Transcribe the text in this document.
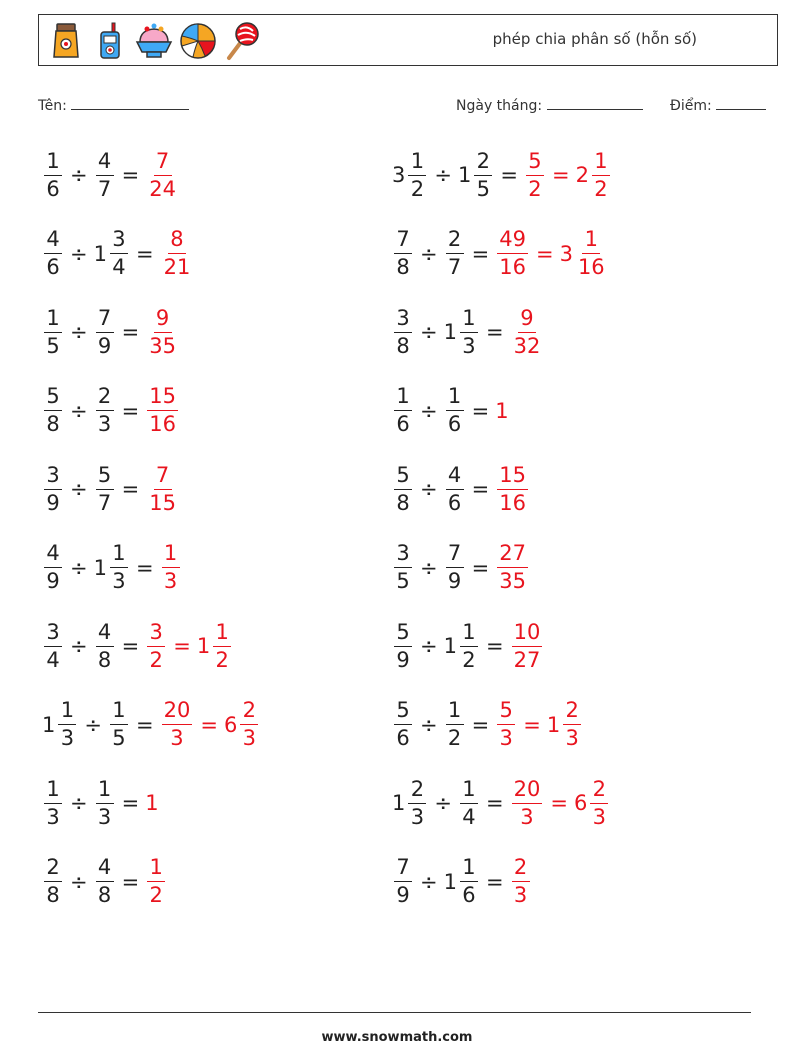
phép chia phân số (hỗn số)
Tên:	Ngày tháng:	Điểm:
$\frac{1}{6} \div \frac{4}{7} = \frac{7}{24}$	$3 \frac{1}{2} \div 1 \frac{2}{5} = \frac{5}{2} = 2 \frac{1}{2}$
$\frac{4}{6} \div 1 \frac{3}{4} = \frac{8}{21}$	$\frac{7}{8} \div \frac{2}{7} = \frac{49}{16} = 3 \frac{1}{16}$
$\frac{1}{5} \div \frac{7}{9} = \frac{9}{35}$	$\frac{3}{8} \div 1 \frac{1}{3} = \frac{9}{32}$
$\frac{5}{8} \div \frac{2}{3} = \frac{15}{16}$	$\frac{1}{6} \div \frac{1}{6} = 1$
$\frac{3}{9} \div \frac{5}{7} = \frac{7}{15}$	$\frac{5}{8} \div \frac{4}{6} = \frac{15}{16}$
$\frac{4}{9} \div 1 \frac{1}{3} = \frac{1}{3}$	$\frac{3}{5} \div \frac{7}{9} = \frac{27}{35}$
$\frac{3}{4} \div \frac{4}{8} = \frac{3}{2} = 1 \frac{1}{2}$	$\frac{5}{9} \div 1 \frac{1}{2} = \frac{10}{27}$
$1 \frac{1}{3} \div \frac{1}{5} = \frac{20}{3} = 6 \frac{2}{3}$	$\frac{5}{6} \div \frac{1}{2} = \frac{5}{3} = 1 \frac{2}{3}$
$\frac{1}{3} \div \frac{1}{3} = 1$	$1 \frac{2}{3} \div \frac{1}{4} = \frac{20}{3} = 6 \frac{2}{3}$
$\frac{2}{8} \div \frac{4}{8} = \frac{1}{2}$	$\frac{7}{9} \div 1 \frac{1}{6} = \frac{2}{3}$
www.snowmath.com
